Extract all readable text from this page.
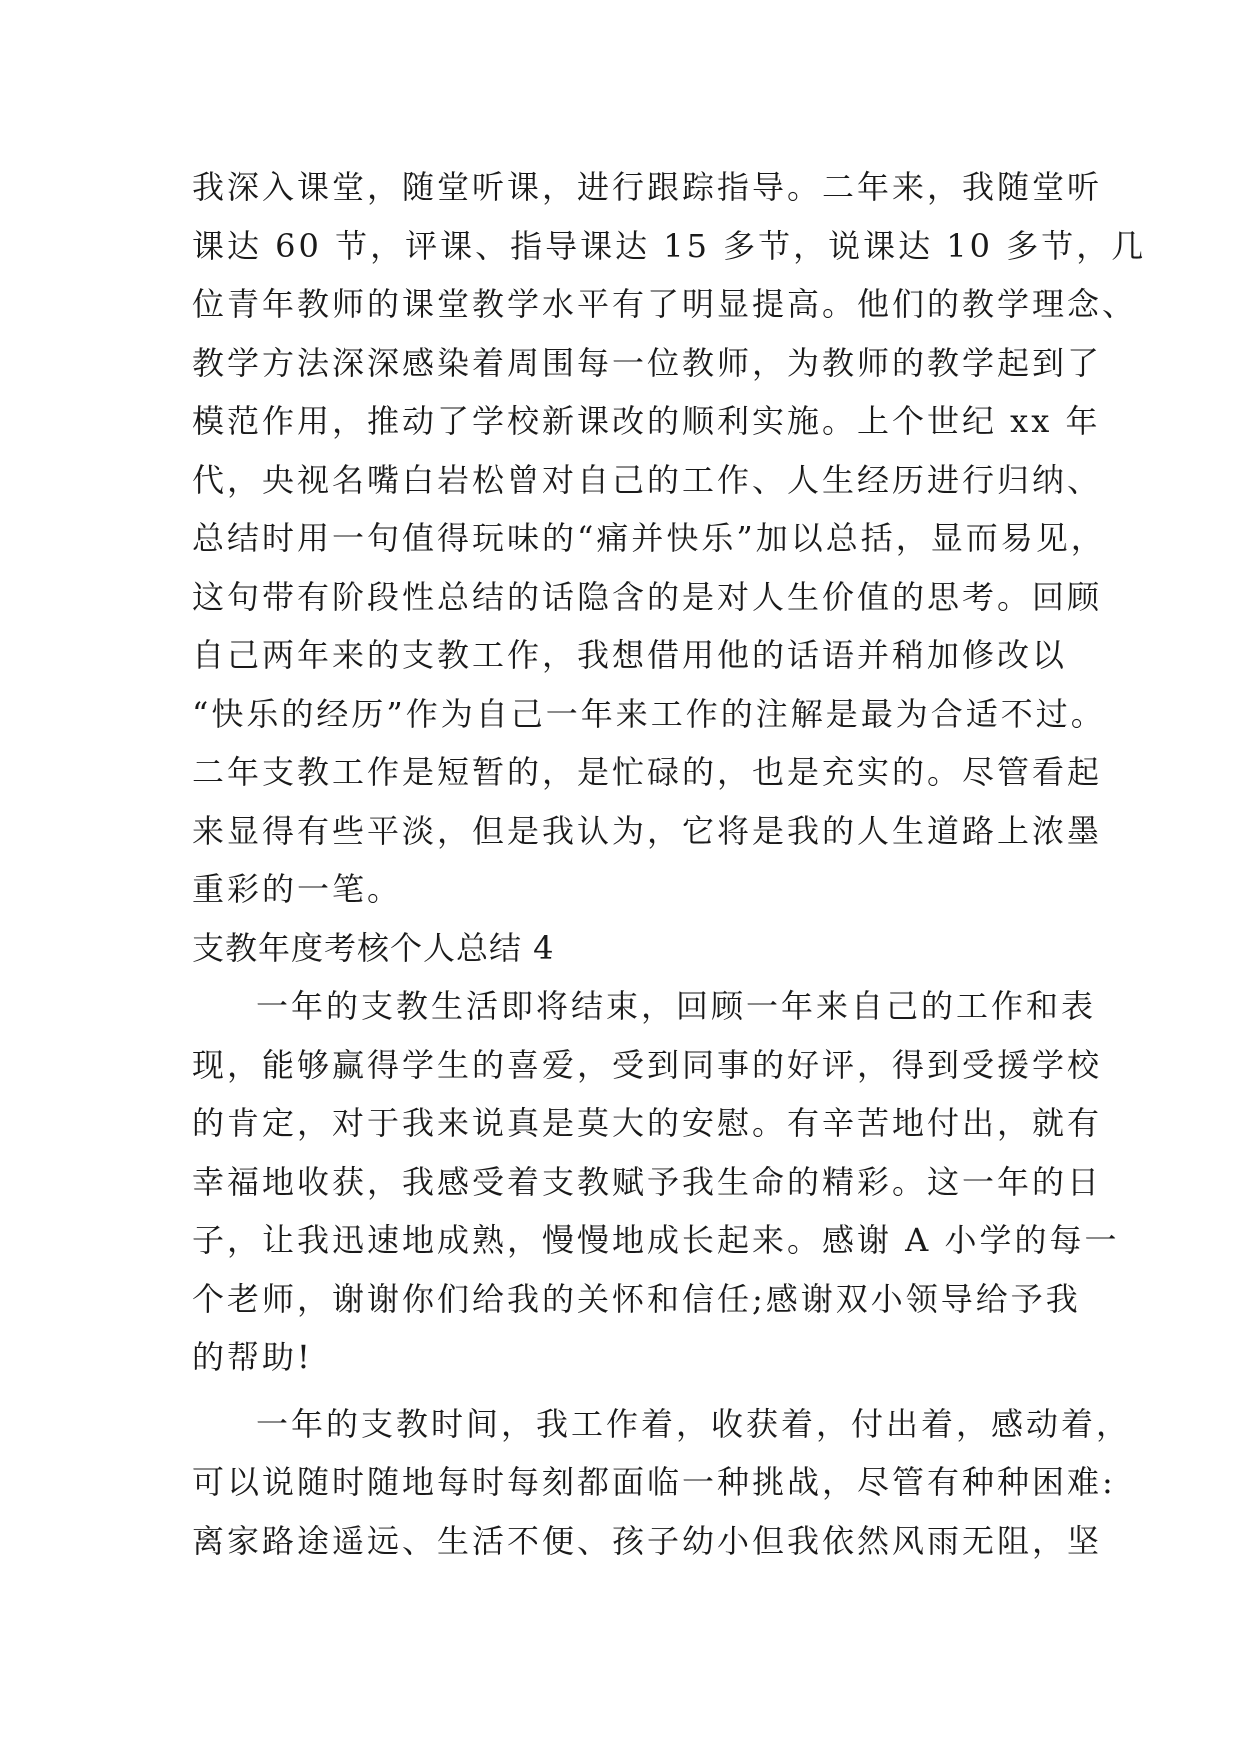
我深入课堂，随堂听课，进行跟踪指导。二年来，我随堂听
课达 60 节，评课、指导课达 15 多节，说课达 10 多节，几
位青年教师的课堂教学水平有了明显提高。他们的教学理念、
教学方法深深感染着周围每一位教师，为教师的教学起到了
模范作用，推动了学校新课改的顺利实施。上个世纪 xx 年
代，央视名嘴白岩松曾对自己的工作、人生经历进行归纳、
总结时用一句值得玩味的“痛并快乐”加以总括，显而易见，
这句带有阶段性总结的话隐含的是对人生价值的思考。回顾
自己两年来的支教工作，我想借用他的话语并稍加修改以
“快乐的经历”作为自己一年来工作的注解是最为合适不过。
二年支教工作是短暂的，是忙碌的，也是充实的。尽管看起
来显得有些平淡，但是我认为，它将是我的人生道路上浓墨
重彩的一笔。
支教年度考核个人总结 4
一年的支教生活即将结束，回顾一年来自己的工作和表
现，能够赢得学生的喜爱，受到同事的好评，得到受援学校
的肯定，对于我来说真是莫大的安慰。有辛苦地付出，就有
幸福地收获，我感受着支教赋予我生命的精彩。这一年的日
子，让我迅速地成熟，慢慢地成长起来。感谢 A 小学的每一
个老师，谢谢你们给我的关怀和信任;感谢双小领导给予我
的帮助!
一年的支教时间，我工作着，收获着，付出着，感动着，
可以说随时随地每时每刻都面临一种挑战，尽管有种种困难:
离家路途遥远、生活不便、孩子幼小但我依然风雨无阻，坚
